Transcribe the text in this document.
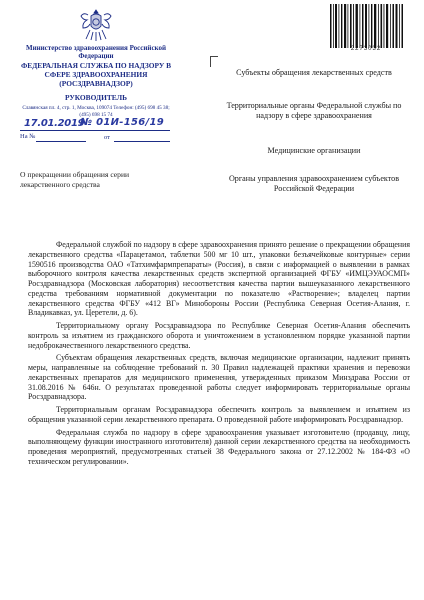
Министерство здравоохранения Российской Федерации
ФЕДЕРАЛЬНАЯ СЛУЖБА ПО НАДЗОРУ В СФЕРЕ ЗДРАВООХРАНЕНИЯ (РОСЗДРАВНАДЗОР)
РУКОВОДИТЕЛЬ
Славянская пл. 4, стр. 1, Москва, 109074 Телефон: (495) 698 45 38; (495) 698 15 74
17.01.2019
№ 01И-156/19
На №	от
О прекращении обращения серии лекарственного средства
2273032
Субъекты обращения лекарственных средств
Территориальные органы Федеральной службы по надзору в сфере здравоохранения
Медицинские организации
Органы управления здравоохранением субъектов Российской Федерации

Федеральной службой по надзору в сфере здравоохранения принято решение о прекращении обращения лекарственного средства «Парацетамол, таблетки 500 мг 10 шт., упаковки безъячейковые контурные» серии 1590516 производства ОАО «Татхимфармпрепараты» (Россия), в связи с информацией о выявлении в рамках выборочного контроля качества лекарственных средств экспертной организацией ФГБУ «ИМЦЭУАОСМП» Росздравнадзора (Московская лаборатория) несоответствия качества партии вышеуказанного лекарственного средства требованиям нормативной документации по показателю «Растворение»; владелец партии лекарственного средства ФГБУ «412 ВГ» Минобороны России (Республика Северная Осетия-Алания, г. Владикавказ, ул. Церетели, д. 6).

Территориальному органу Росздравнадзора по Республике Северная Осетия-Алания обеспечить контроль за изъятием из гражданского оборота и уничтожением в установленном порядке указанной партии недоброкачественного лекарственного средства.

Субъектам обращения лекарственных средств, включая медицинские организации, надлежит принять меры, направленные на соблюдение требований п. 30 Правил надлежащей практики хранения и перевозки лекарственных препаратов для медицинского применения, утвержденных приказом Минздрава России от 31.08.2016 № 646н. О результатах проведенной работы следует информировать территориальные органы Росздравнадзора.

Территориальным органам Росздравнадзора обеспечить контроль за выявлением и изъятием из обращения указанной серии лекарственного препарата. О проведенной работе информировать Росздравнадзор.

Федеральная служба по надзору в сфере здравоохранения указывает изготовителю (продавцу, лицу, выполняющему функции иностранного изготовителя) данной серии лекарственного средства на необходимость проведения мероприятий, предусмотренных статьей 38 Федерального закона от 27.12.2002 № 184-ФЗ «О техническом регулировании».
